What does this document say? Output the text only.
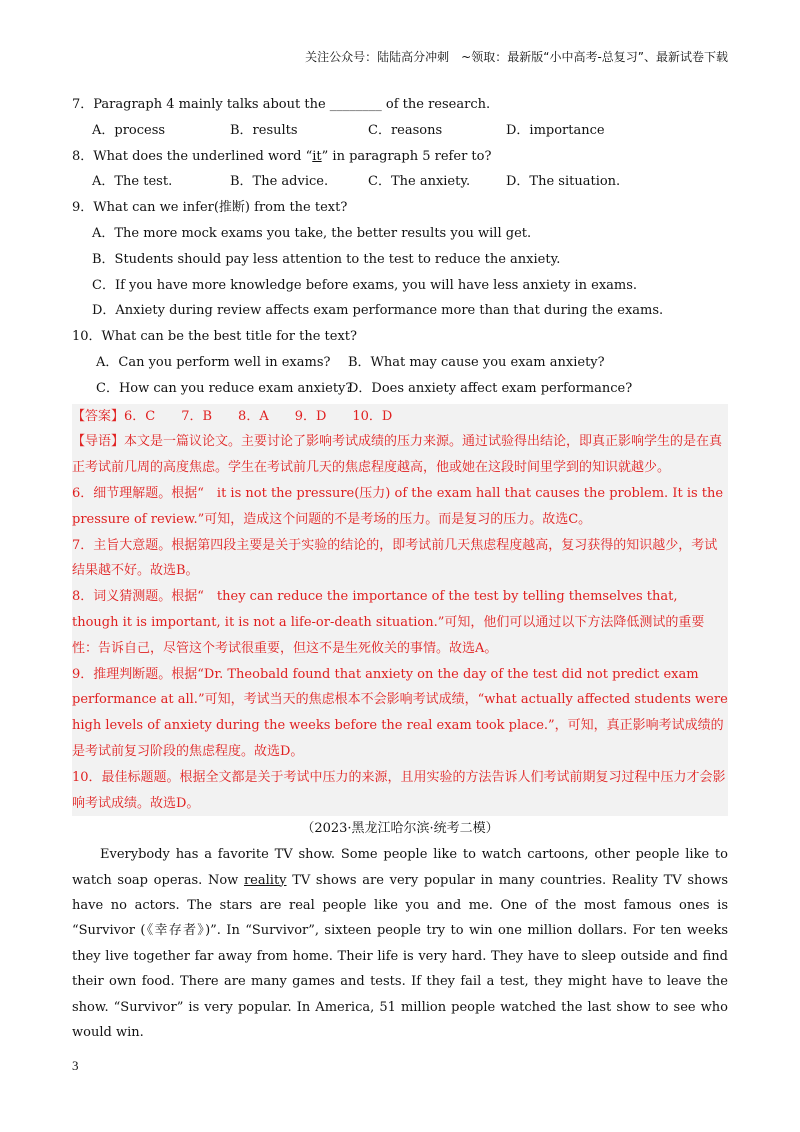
关注公众号：陆陆高分冲刺　~领取：最新版“小中高考-总复习”、最新试卷下载
7．Paragraph 4 mainly talks about the ________ of the research.
A．process	B．results	C．reasons	D．importance
8．What does the underlined word “it” in paragraph 5 refer to?
A．The test.	B．The advice.	C．The anxiety.	D．The situation.
9．What can we infer(推断) from the text?
A．The more mock exams you take, the better results you will get.
B．Students should pay less attention to the test to reduce the anxiety.
C．If you have more knowledge before exams, you will have less anxiety in exams.
D．Anxiety during review affects exam performance more than that during the exams.
10．What can be the best title for the text?
A．Can you perform well in exams?	B．What may cause you exam anxiety?
C．How can you reduce exam anxiety?
D．Does anxiety affect exam performance?

【答案】6．C　　7．B　　8．A　　9．D　　10．D

【导语】本文是一篇议论文。主要讨论了影响考试成绩的压力来源。通过试验得出结论，即真正影响学生的是在真正考试前几周的高度焦虑。学生在考试前几天的焦虑程度越高，他或她在这段时间里学到的知识就越少。

6．细节理解题。根据“　it is not the pressure(压力) of the exam hall that causes the problem. It is the pressure of review.”可知，造成这个问题的不是考场的压力。而是复习的压力。故选C。

7．主旨大意题。根据第四段主要是关于实验的结论的，即考试前几天焦虑程度越高，复习获得的知识越少，考试结果越不好。故选B。

8．词义猜测题。根据“　they can reduce the importance of the test by telling themselves that, though it is important, it is not a life-or-death situation.”可知，他们可以通过以下方法降低测试的重要性：告诉自己，尽管这个考试很重要，但这不是生死攸关的事情。故选A。

9．推理判断题。根据“Dr. Theobald found that anxiety on the day of the test did not predict exam performance at all.”可知，考试当天的焦虑根本不会影响考试成绩，“what actually affected students were high levels of anxiety during the weeks before the real exam took place.”，可知，真正影响考试成绩的是考试前复习阶段的焦虑程度。故选D。

10．最佳标题题。根据全文都是关于考试中压力的来源，且用实验的方法告诉人们考试前期复习过程中压力才会影响考试成绩。故选D。

（2023·黑龙江哈尔滨·统考二模）

Everybody has a favorite TV show. Some people like to watch cartoons, other people like to watch soap operas. Now reality TV shows are very popular in many countries. Reality TV shows have no actors. The stars are real people like you and me. One of the most famous ones is “Survivor (《幸存者》)”. In “Survivor”, sixteen people try to win one million dollars. For ten weeks they live together far away from home. Their life is very hard. They have to sleep outside and find their own food. There are many games and tests. If they fail a test, they might have to leave the show. “Survivor” is very popular. In America, 51 million people watched the last show to see who would win.

3
